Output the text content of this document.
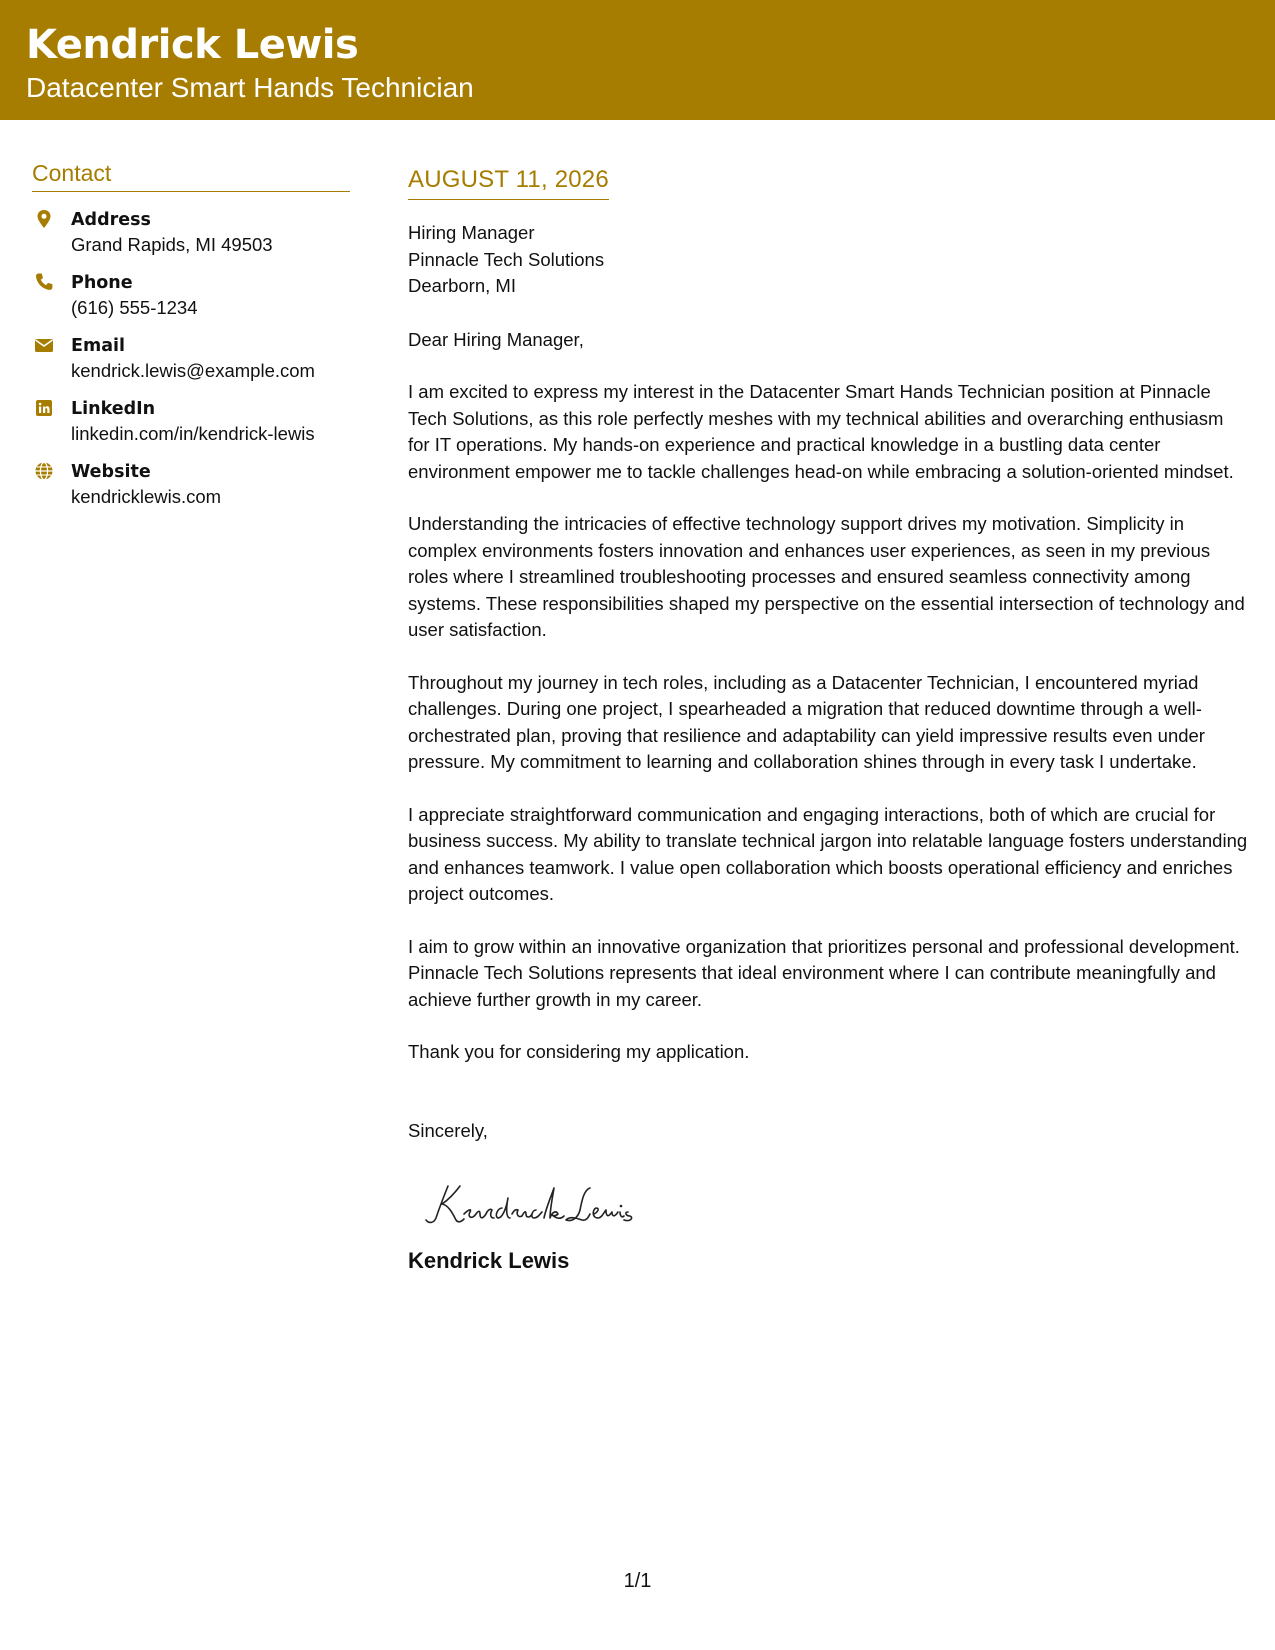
Kendrick Lewis
Datacenter Smart Hands Technician
Contact
Address
Grand Rapids, MI 49503
Phone
(616) 555-1234
Email
kendrick.lewis@example.com
LinkedIn
linkedin.com/in/kendrick-lewis
Website
kendricklewis.com
AUGUST 11, 2026
Hiring Manager
Pinnacle Tech Solutions
Dearborn, MI
Dear Hiring Manager,
I am excited to express my interest in the Datacenter Smart Hands Technician position at Pinnacle Tech Solutions, as this role perfectly meshes with my technical abilities and overarching enthusiasm for IT operations. My hands-on experience and practical knowledge in a bustling data center environment empower me to tackle challenges head-on while embracing a solution-oriented mindset.
Understanding the intricacies of effective technology support drives my motivation. Simplicity in complex environments fosters innovation and enhances user experiences, as seen in my previous roles where I streamlined troubleshooting processes and ensured seamless connectivity among systems. These responsibilities shaped my perspective on the essential intersection of technology and user satisfaction.
Throughout my journey in tech roles, including as a Datacenter Technician, I encountered myriad challenges. During one project, I spearheaded a migration that reduced downtime through a well-orchestrated plan, proving that resilience and adaptability can yield impressive results even under pressure. My commitment to learning and collaboration shines through in every task I undertake.
I appreciate straightforward communication and engaging interactions, both of which are crucial for business success. My ability to translate technical jargon into relatable language fosters understanding and enhances teamwork. I value open collaboration which boosts operational efficiency and enriches project outcomes.
I aim to grow within an innovative organization that prioritizes personal and professional development. Pinnacle Tech Solutions represents that ideal environment where I can contribute meaningfully and achieve further growth in my career.
Thank you for considering my application.
Sincerely,
Kendrick Lewis
1/1
